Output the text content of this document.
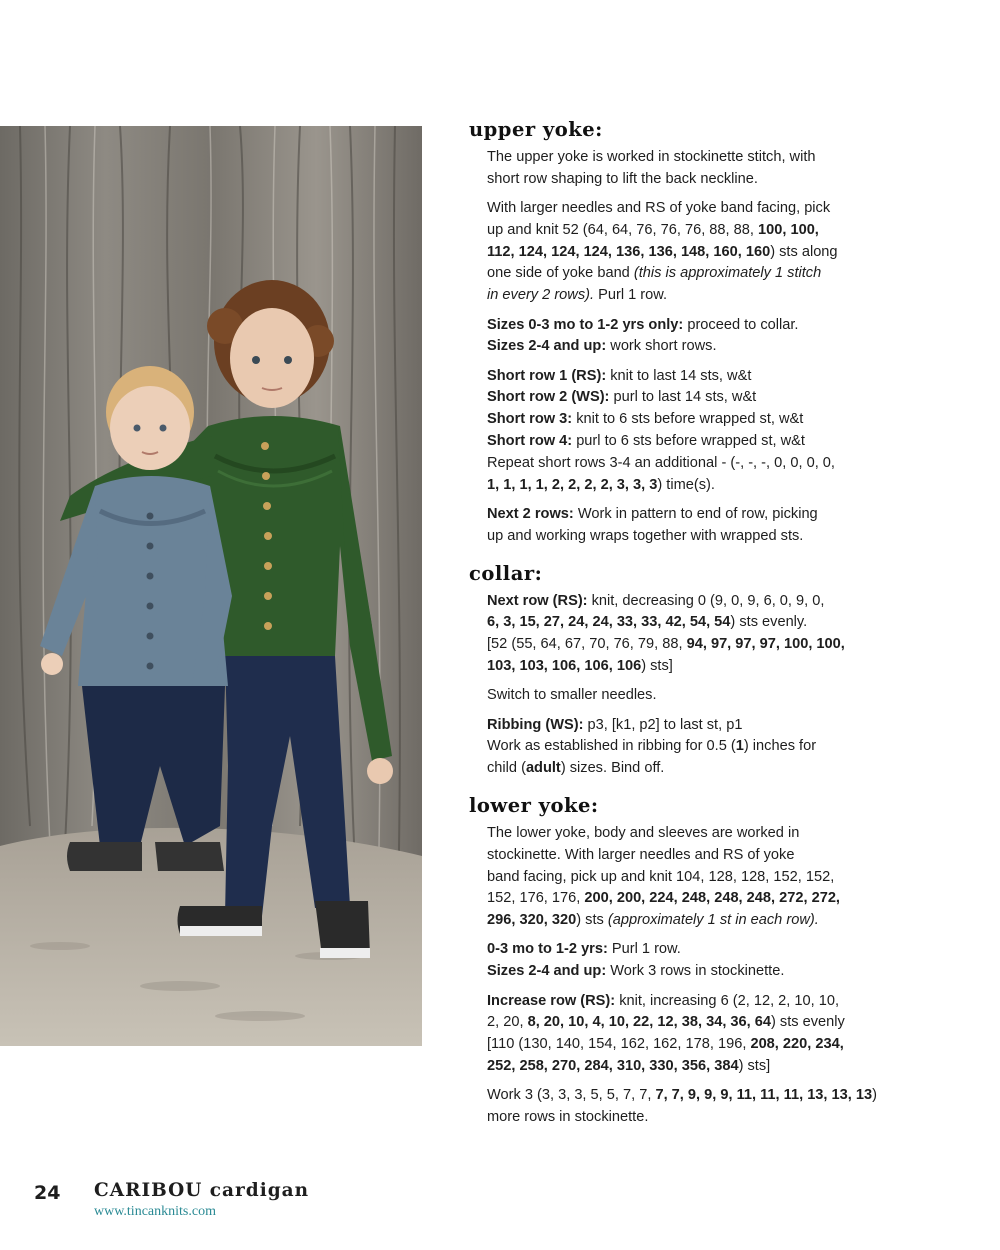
upper yoke:
The upper yoke is worked in stockinette stitch, with
short row shaping to lift the back neckline.
With larger needles and RS of yoke band facing, pick
up and knit 52 (64, 64, 76, 76, 76, 88, 88, 100, 100,
112, 124, 124, 124, 136, 136, 148, 160, 160) sts along
one side of yoke band (this is approximately 1 stitch
in every 2 rows). Purl 1 row.
Sizes 0-3 mo to 1-2 yrs only: proceed to collar.
Sizes 2-4 and up: work short rows.
Short row 1 (RS): knit to last 14 sts, w&t
Short row 2 (WS): purl to last 14 sts, w&t
Short row 3: knit to 6 sts before wrapped st, w&t
Short row 4: purl to 6 sts before wrapped st, w&t
Repeat short rows 3-4 an additional - (-, -, -, 0, 0, 0, 0,
1, 1, 1, 1, 2, 2, 2, 2, 3, 3, 3) time(s).
Next 2 rows: Work in pattern to end of row, picking
up and working wraps together with wrapped sts.
collar:
Next row (RS): knit, decreasing 0 (9, 0, 9, 6, 0, 9, 0,
6, 3, 15, 27, 24, 24, 33, 33, 42, 54, 54) sts evenly.
[52 (55, 64, 67, 70, 76, 79, 88, 94, 97, 97, 97, 100, 100,
103, 103, 106, 106, 106) sts]
Switch to smaller needles.
Ribbing (WS): p3, [k1, p2] to last st, p1
Work as established in ribbing for 0.5 (1) inches for
child (adult) sizes. Bind off.
lower yoke:
The lower yoke, body and sleeves are worked in
stockinette. With larger needles and RS of yoke
band facing, pick up and knit 104, 128, 128, 152, 152,
152, 176, 176, 200, 200, 224, 248, 248, 248, 272, 272,
296, 320, 320) sts (approximately 1 st in each row).
0-3 mo to 1-2 yrs: Purl 1 row.
Sizes 2-4 and up: Work 3 rows in stockinette.
Increase row (RS): knit, increasing 6 (2, 12, 2, 10, 10,
2, 20, 8, 20, 10, 4, 10, 22, 12, 38, 34, 36, 64) sts evenly
[110 (130, 140, 154, 162, 162, 178, 196, 208, 220, 234,
252, 258, 270, 284, 310, 330, 356, 384) sts]
Work 3 (3, 3, 3, 5, 5, 7, 7, 7, 7, 9, 9, 9, 11, 11, 11, 13, 13, 13)
more rows in stockinette.
24 CARIBOU cardigan
www.tincanknits.com
